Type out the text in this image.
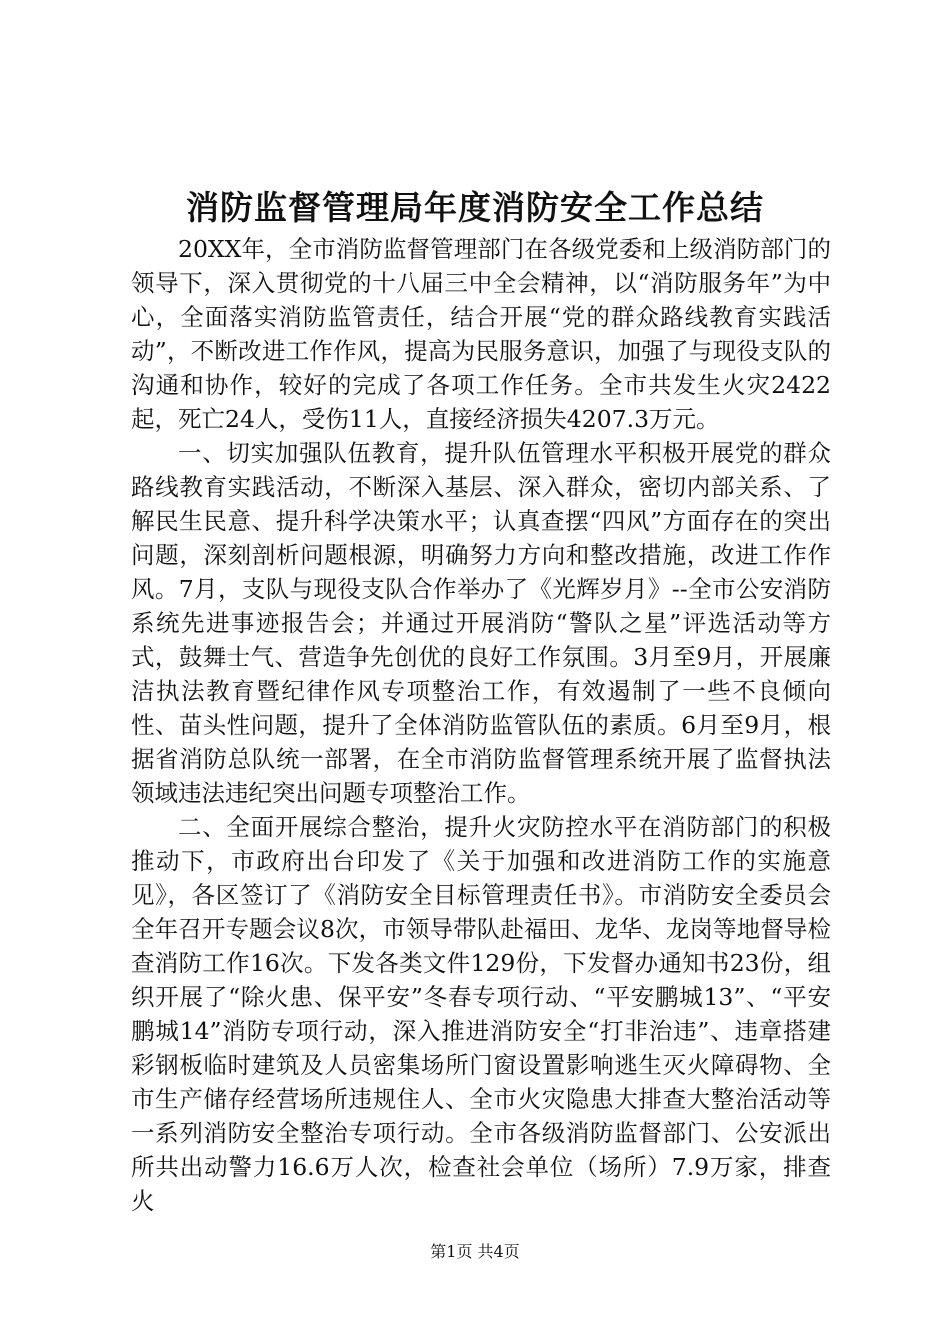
消防监督管理局年度消防安全工作总结

20XX年，全市消防监督管理部门在各级党委和上级消防部门的领导下，深入贯彻党的十八届三中全会精神，以“消防服务年”为中心，全面落实消防监管责任，结合开展“党的群众路线教育实践活动”，不断改进工作作风，提高为民服务意识，加强了与现役支队的沟通和协作，较好的完成了各项工作任务。全市共发生火灾2422起，死亡24人，受伤11人，直接经济损失4207.3万元。

一、切实加强队伍教育，提升队伍管理水平积极开展党的群众路线教育实践活动，不断深入基层、深入群众，密切内部关系、了解民生民意、提升科学决策水平；认真查摆“四风”方面存在的突出问题，深刻剖析问题根源，明确努力方向和整改措施，改进工作作风。7月，支队与现役支队合作举办了《光辉岁月》--全市公安消防系统先进事迹报告会；并通过开展消防“警队之星”评选活动等方式，鼓舞士气、营造争先创优的良好工作氛围。3月至9月，开展廉洁执法教育暨纪律作风专项整治工作，有效遏制了一些不良倾向性、苗头性问题，提升了全体消防监管队伍的素质。6月至9月，根据省消防总队统一部署，在全市消防监督管理系统开展了监督执法领域违法违纪突出问题专项整治工作。

二、全面开展综合整治，提升火灾防控水平在消防部门的积极推动下，市政府出台印发了《关于加强和改进消防工作的实施意见》，各区签订了《消防安全目标管理责任书》。市消防安全委员会全年召开专题会议8次，市领导带队赴福田、龙华、龙岗等地督导检查消防工作16次。下发各类文件129份，下发督办通知书23份，组织开展了“除火患、保平安”冬春专项行动、“平安鹏城13”、“平安鹏城14”消防专项行动，深入推进消防安全“打非治违”、违章搭建彩钢板临时建筑及人员密集场所门窗设置影响逃生灭火障碍物、全市生产储存经营场所违规住人、全市火灾隐患大排查大整治活动等一系列消防安全整治专项行动。全市各级消防监督部门、公安派出所共出动警力16.6万人次，检查社会单位（场所）7.9万家，排查火

第1页 共4页
